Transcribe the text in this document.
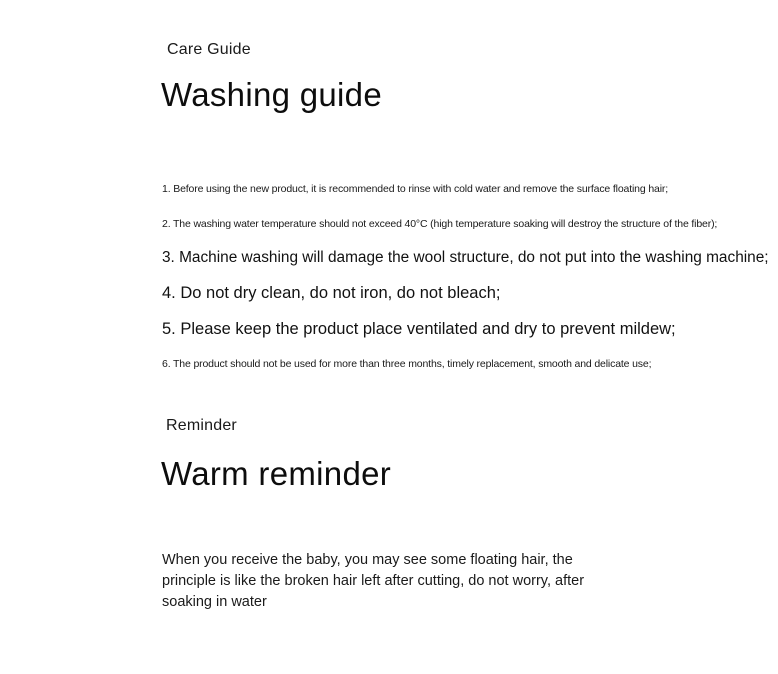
Care Guide
Washing guide
1. Before using the new product, it is recommended to rinse with cold water and remove the surface floating hair;
2. The washing water temperature should not exceed 40°C (high temperature soaking will destroy the structure of the fiber);
3. Machine washing will damage the wool structure, do not put into the washing machine;
4. Do not dry clean, do not iron, do not bleach;
5. Please keep the product place ventilated and dry to prevent mildew;
6. The product should not be used for more than three months, timely replacement, smooth and delicate use;
Reminder
Warm reminder
When you receive the baby, you may see some floating hair, the principle is like the broken hair left after cutting, do not worry, after soaking in water
